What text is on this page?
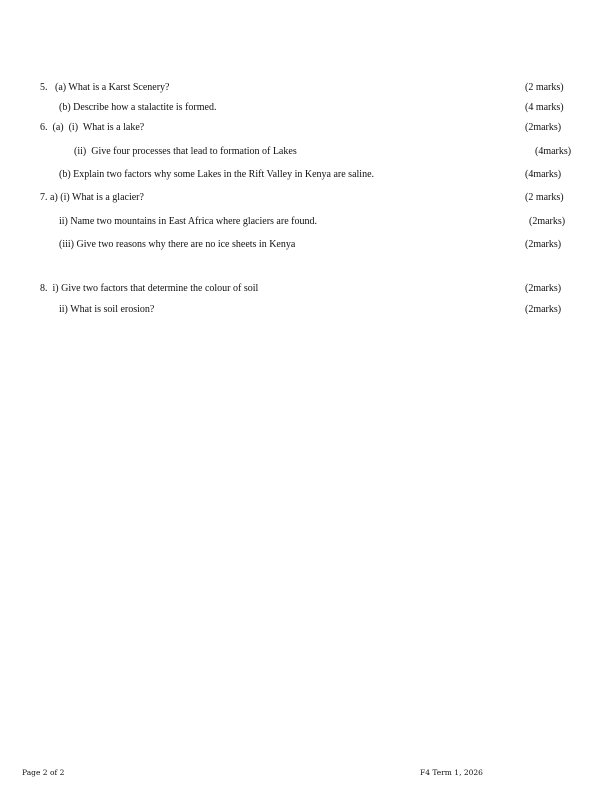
5.   (a) What is a Karst Scenery?	(2 marks)
(b) Describe how a stalactite is formed.	(4 marks)
6.  (a)  (i)  What is a lake?	(2marks)
(ii)  Give four processes that lead to formation of Lakes	(4marks)
(b) Explain two factors why some Lakes in the Rift Valley in Kenya are saline.	(4marks)
7. a) (i) What is a glacier?	(2 marks)
ii) Name two mountains in East Africa where glaciers are found.	(2marks)
(iii) Give two reasons why there are no ice sheets in Kenya	(2marks)
8.  i) Give two factors that determine the colour of soil	(2marks)
ii) What is soil erosion?	(2marks)
Page 2 of 2	F4 Term 1, 2026
